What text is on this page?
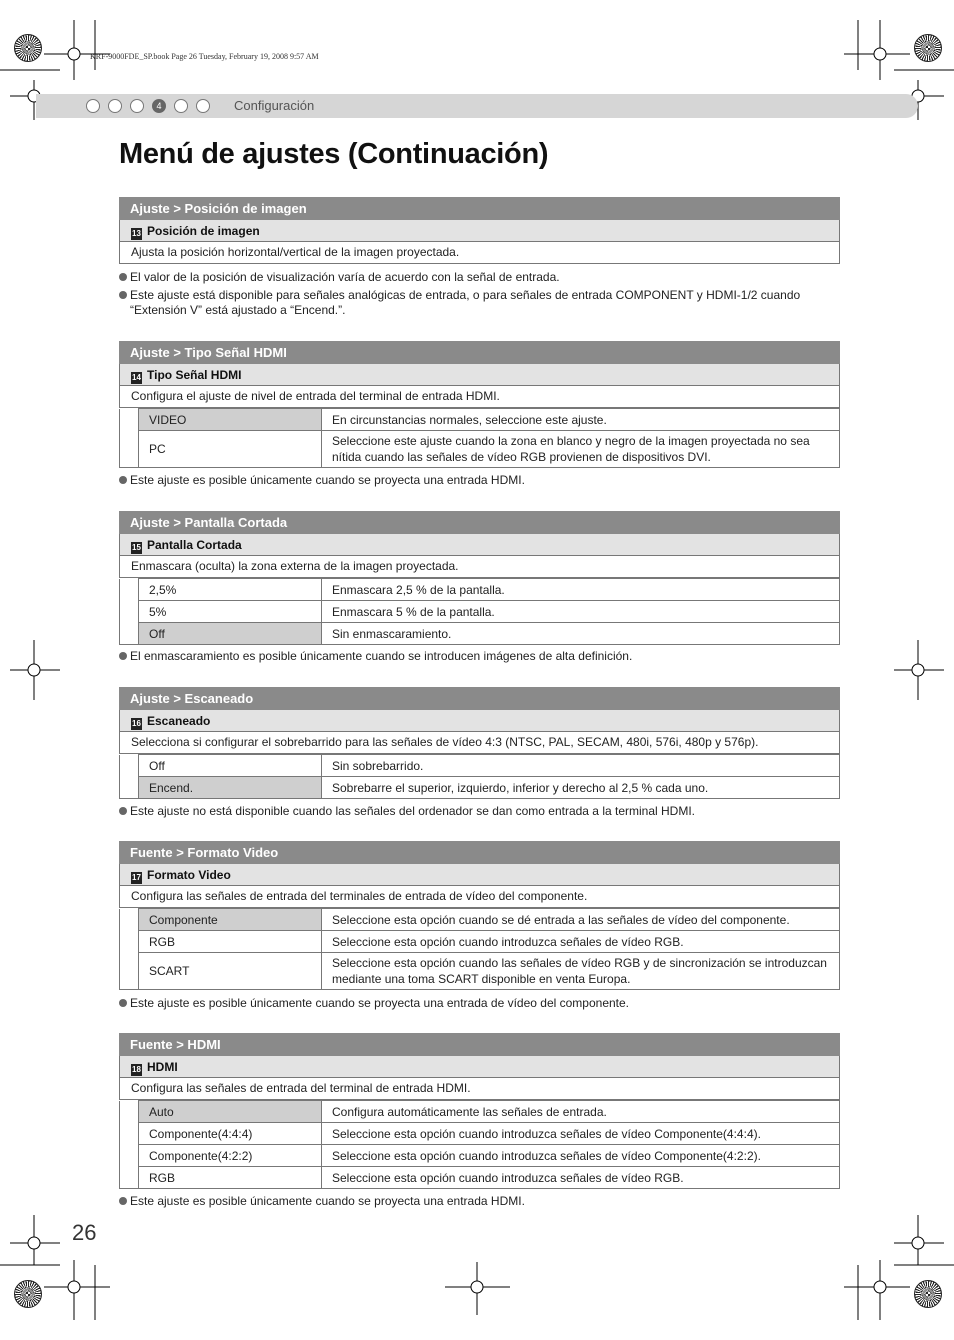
KRF-9000FDE_SP.book Page 26 Tuesday, February 19, 2008 9:57 AM
4	Configuración
Menú de ajustes (Continuación)
Ajuste > Posición de imagen
13 Posición de imagen
Ajusta la posición horizontal/vertical de la imagen proyectada.
El valor de la posición de visualización varía de acuerdo con la señal de entrada.
Este ajuste está disponible para señales analógicas de entrada, o para señales de entrada COMPONENT y HDMI-1/2 cuando “Extensión V” está ajustado a “Encend.”.
Ajuste > Tipo Señal HDMI
14 Tipo Señal HDMI
Configura el ajuste de nivel de entrada del terminal de entrada HDMI.
	VIDEO	En circunstancias normales, seleccione este ajuste.
	PC	Seleccione este ajuste cuando la zona en blanco y negro de la imagen proyectada no sea nítida cuando las señales de vídeo RGB provienen de dispositivos DVI.
Este ajuste es posible únicamente cuando se proyecta una entrada HDMI.
Ajuste > Pantalla Cortada
15 Pantalla Cortada
Enmascara (oculta) la zona externa de la imagen proyectada.
	2,5%	Enmascara 2,5 % de la pantalla.
	5%	Enmascara 5 % de la pantalla.
	Off	Sin enmascaramiento.
El enmascaramiento es posible únicamente cuando se introducen imágenes de alta definición.
Ajuste > Escaneado
16 Escaneado
Selecciona si configurar el sobrebarrido para las señales de vídeo 4:3 (NTSC, PAL, SECAM, 480i, 576i, 480p y 576p).
	Off	Sin sobrebarrido.
	Encend.	Sobrebarre el superior, izquierdo, inferior y derecho al 2,5 % cada uno.
Este ajuste no está disponible cuando las señales del ordenador se dan como entrada a la terminal HDMI.
Fuente > Formato Video
17 Formato Video
Configura las señales de entrada del terminales de entrada de vídeo del componente.
	Componente	Seleccione esta opción cuando se dé entrada a las señales de vídeo del componente.
	RGB	Seleccione esta opción cuando introduzca señales de vídeo RGB.
	SCART	Seleccione esta opción cuando las señales de vídeo RGB y de sincronización se introduzcan mediante una toma SCART disponible en venta Europa.
Este ajuste es posible únicamente cuando se proyecta una entrada de vídeo del componente.
Fuente > HDMI
18 HDMI
Configura las señales de entrada del terminal de entrada HDMI.
	Auto	Configura automáticamente las señales de entrada.
	Componente(4:4:4)	Seleccione esta opción cuando introduzca señales de vídeo Componente(4:4:4).
	Componente(4:2:2)	Seleccione esta opción cuando introduzca señales de vídeo Componente(4:2:2).
	RGB	Seleccione esta opción cuando introduzca señales de vídeo RGB.
Este ajuste es posible únicamente cuando se proyecta una entrada HDMI.
26
